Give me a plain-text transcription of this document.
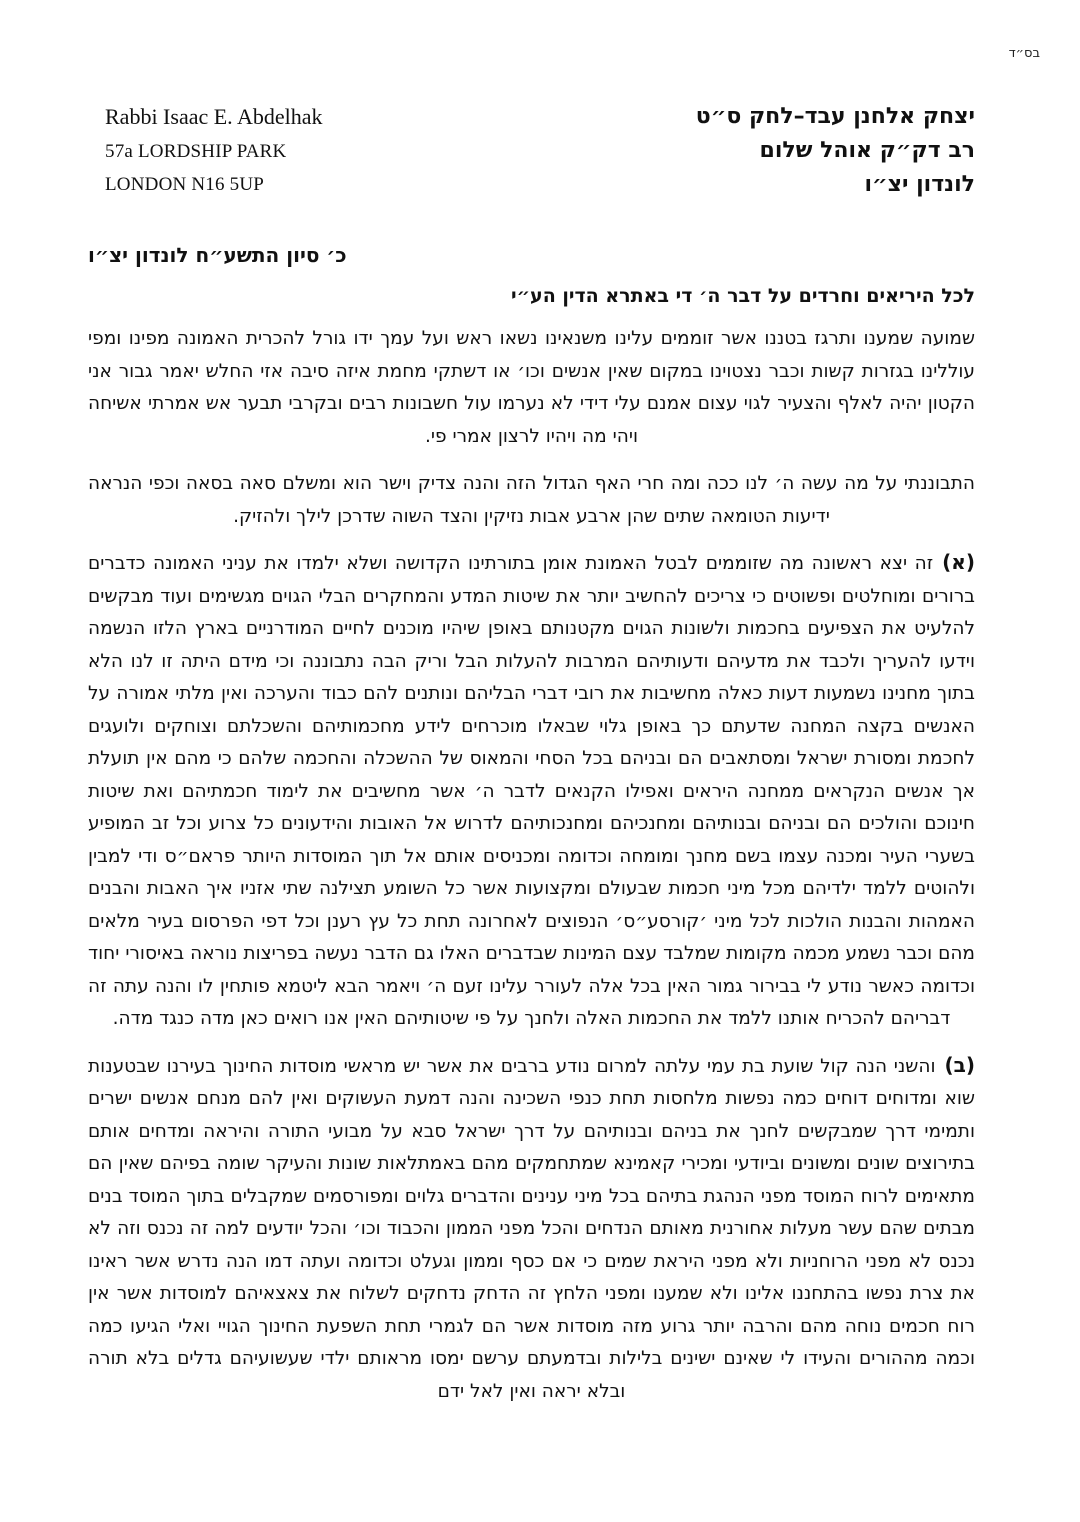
בס״ד
Rabbi Isaac E. Abdelhak
57a LORDSHIP PARK
LONDON N16 5UP
יצחק אלחנן עבד–לחק ס״ט
רב דק״ק אוהל שלום
לונדון יצ״ו
כ׳ סיון התשע״ח לונדון יצ״ו
לכל היריאים וחרדים על דבר ה׳ די באתרא הדין הע״י

שמועה שמענו ותרגז בטננו אשר זוממים עלינו משנאינו נשאו ראש ועל עמך ידו גורל להכרית האמונה מפינו ומפי עוללינו בגזרות קשות וכבר נצטוינו במקום שאין אנשים וכו׳ או דשתקי מחמת איזה סיבה אזי החלש יאמר גבור אני הקטון יהיה לאלף והצעיר לגוי עצום אמנם עלי דידי לא נערמו עול חשבונות רבים ובקרבי תבער אש אמרתי אשיחה ויהי מה ויהיו לרצון אמרי פי.

התבוננתי על מה עשה ה׳ לנו ככה ומה חרי האף הגדול הזה והנה צדיק וישר הוא ומשלם סאה בסאה וכפי הנראה ידיעות הטומאה שתים שהן ארבע אבות נזיקין והצד השוה שדרכן לילך ולהזיק.

(א)זה יצא ראשונה מה שזוממים לבטל האמונת אומן בתורתינו הקדושה ושלא ילמדו את עניני האמונה כדברים ברורים ומוחלטים ופשוטים כי צריכים להחשיב יותר את שיטות המדע והמחקרים הבלי הגוים מגשימים ועוד מבקשים להלעיט את הצפיעים בחכמות ולשונות הגוים מקטנותם באופן שיהיו מוכנים לחיים המודרניים בארץ הלזו הנשמה וידעו להעריך ולכבד את מדעיהם ודעותיהם המרבות להעלות הבל וריק הבה נתבוננה וכי מידם היתה זו לנו הלא בתוך מחנינו נשמעות דעות כאלה מחשיבות את רובי דברי הבליהם ונותנים להם כבוד והערכה ואין מלתי אמורה על האנשים בקצה המחנה שדעתם כך באופן גלוי שבאלו מוכרחים לידע מחכמותיהם והשכלתם וצוחקים ולועגים לחכמת ומסורת ישראל ומסתאבים הם ובניהם בכל הסחי והמאוס של ההשכלה והחכמה שלהם כי מהם אין תועלת אך אנשים הנקראים ממחנה היראים ואפילו הקנאים לדבר ה׳ אשר מחשיבים את לימוד חכמתיהם ואת שיטות חינוכם והולכים הם ובניהם ובנותיהם ומחנכיהם ומחנכותיהם לדרוש אל האובות והידעונים כל צרוע וכל זב המופיע בשערי העיר ומכנה עצמו בשם מחנך ומומחה וכדומה ומכניסים אותם אל תוך המוסדות היותר פראם״ס ודי למבין ולהוטים ללמד ילדיהם מכל מיני חכמות שבעולם ומקצועות אשר כל השומע תצילנה שתי אזניו איך האבות והבנים האמהות והבנות הולכות לכל מיני ׳קורסע״ס׳ הנפוצים לאחרונה תחת כל עץ רענן וכל דפי הפרסום בעיר מלאים מהם וכבר נשמע מכמה מקומות שמלבד עצם המינות שבדברים האלו גם הדבר נעשה בפריצות נוראה באיסורי יחוד וכדומה כאשר נודע לי בבירור גמור האין בכל אלה לעורר עלינו זעם ה׳ ויאמר הבא ליטמא פותחין לו והנה עתה זה דבריהם להכריח אותנו ללמד את החכמות האלה ולחנך על פי שיטותיהם האין אנו רואים כאן מדה כנגד מדה.

(ב)והשני הנה קול שועת בת עמי עלתה למרום נודע ברבים את אשר יש מראשי מוסדות החינוך בעירנו שבטענות שוא ומדוחים דוחים כמה נפשות מלחסות תחת כנפי השכינה והנה דמעת העשוקים ואין להם מנחם אנשים ישרים ותמימי דרך שמבקשים לחנך את בניהם ובנותיהם על דרך ישראל סבא על מבועי התורה והיראה ומדחים אותם בתירוצים שונים ומשונים וביודעי ומכירי קאמינא שמתחמקים מהם באמתלאות שונות והעיקר שומה בפיהם שאין הם מתאימים לרוח המוסד מפני הנהגת בתיהם בכל מיני ענינים והדברים גלוים ומפורסמים שמקבלים בתוך המוסד בנים מבתים שהם עשר מעלות אחורנית מאותם הנדחים והכל מפני הממון והכבוד וכו׳ והכל יודעים למה זה נכנס וזה לא נכנס לא מפני הרוחניות ולא מפני היראת שמים כי אם כסף וממון וגעלט וכדומה ועתה דמו הנה נדרש אשר ראינו את צרת נפשו בהתחננו אלינו ולא שמענו ומפני הלחץ זה הדחק נדחקים לשלוח את צאצאיהם למוסדות אשר אין רוח חכמים נוחה מהם והרבה יותר גרוע מזה מוסדות אשר הם לגמרי תחת השפעת החינוך הגויי ואלי הגיעו כמה וכמה מההורים והעידו לי שאינם ישינים בלילות ובדמעתם ערשם ימסו מראותם ילדי שעשועיהם גדלים בלא תורה ובלא יראה ואין לאל ידם
